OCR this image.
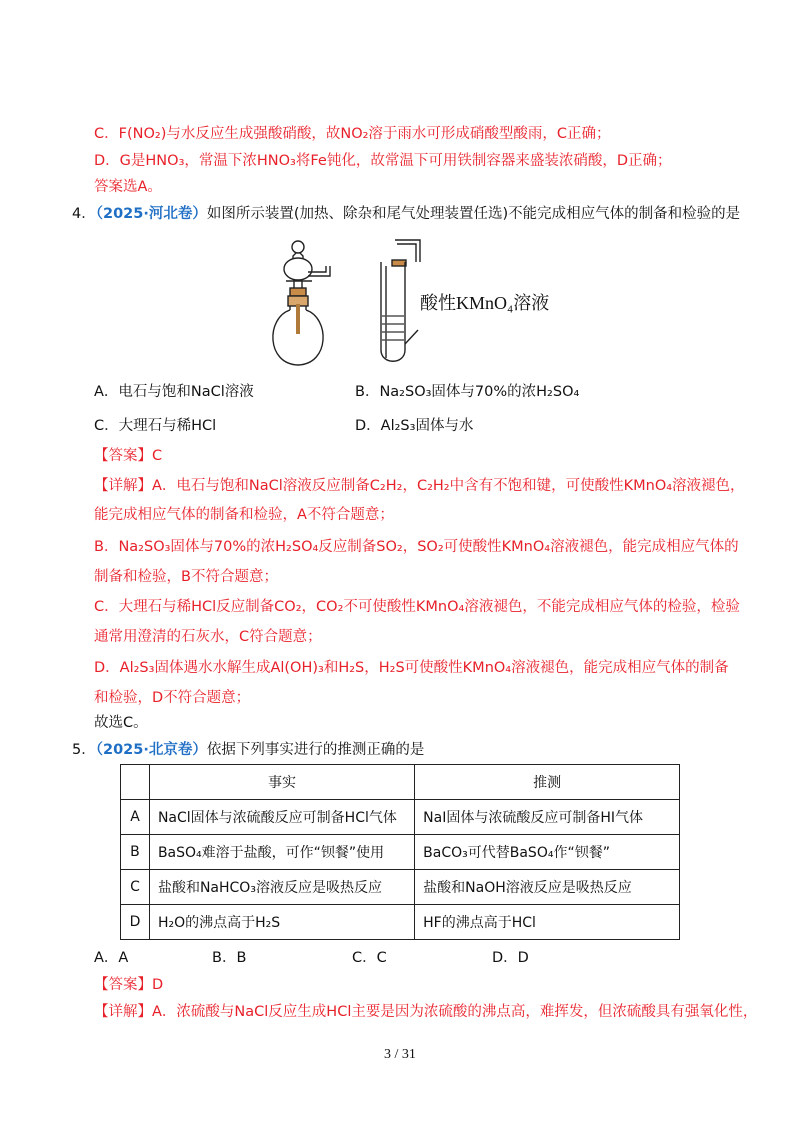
C．F(NO₂)与水反应生成强酸硝酸，故NO₂溶于雨水可形成硝酸型酸雨，C正确；
D．G是HNO₃，常温下浓HNO₃将Fe钝化，故常温下可用铁制容器来盛装浓硝酸，D正确；
答案选A。
4．（2025·河北卷）如图所示装置(加热、除杂和尾气处理装置任选)不能完成相应气体的制备和检验的是
酸性KMnO₄溶液
A．电石与饱和NaCl溶液	B．Na₂SO₃固体与70%的浓H₂SO₄
C．大理石与稀HCl	D．Al₂S₃固体与水
【答案】C
【详解】A．电石与饱和NaCl溶液反应制备C₂H₂，C₂H₂中含有不饱和键，可使酸性KMnO₄溶液褪色，
能完成相应气体的制备和检验，A不符合题意；
B．Na₂SO₃固体与70%的浓H₂SO₄反应制备SO₂，SO₂可使酸性KMnO₄溶液褪色，能完成相应气体的
制备和检验，B不符合题意；
C．大理石与稀HCl反应制备CO₂，CO₂不可使酸性KMnO₄溶液褪色，不能完成相应气体的检验，检验
通常用澄清的石灰水，C符合题意；
D．Al₂S₃固体遇水水解生成Al(OH)₃和H₂S，H₂S可使酸性KMnO₄溶液褪色，能完成相应气体的制备
和检验，D不符合题意；
故选C。
5．（2025·北京卷）依据下列事实进行的推测正确的是
	事实	推测
A	NaCl固体与浓硫酸反应可制备HCl气体	NaI固体与浓硫酸反应可制备HI气体
B	BaSO₄难溶于盐酸，可作“钡餐”使用	BaCO₃可代替BaSO₄作“钡餐”
C	盐酸和NaHCO₃溶液反应是吸热反应	盐酸和NaOH溶液反应是吸热反应
D	H₂O的沸点高于H₂S	HF的沸点高于HCl
A．A	B．B	C．C	D．D
【答案】D
【详解】A．浓硫酸与NaCl反应生成HCl主要是因为浓硫酸的沸点高，难挥发，但浓硫酸具有强氧化性，
3 / 31
